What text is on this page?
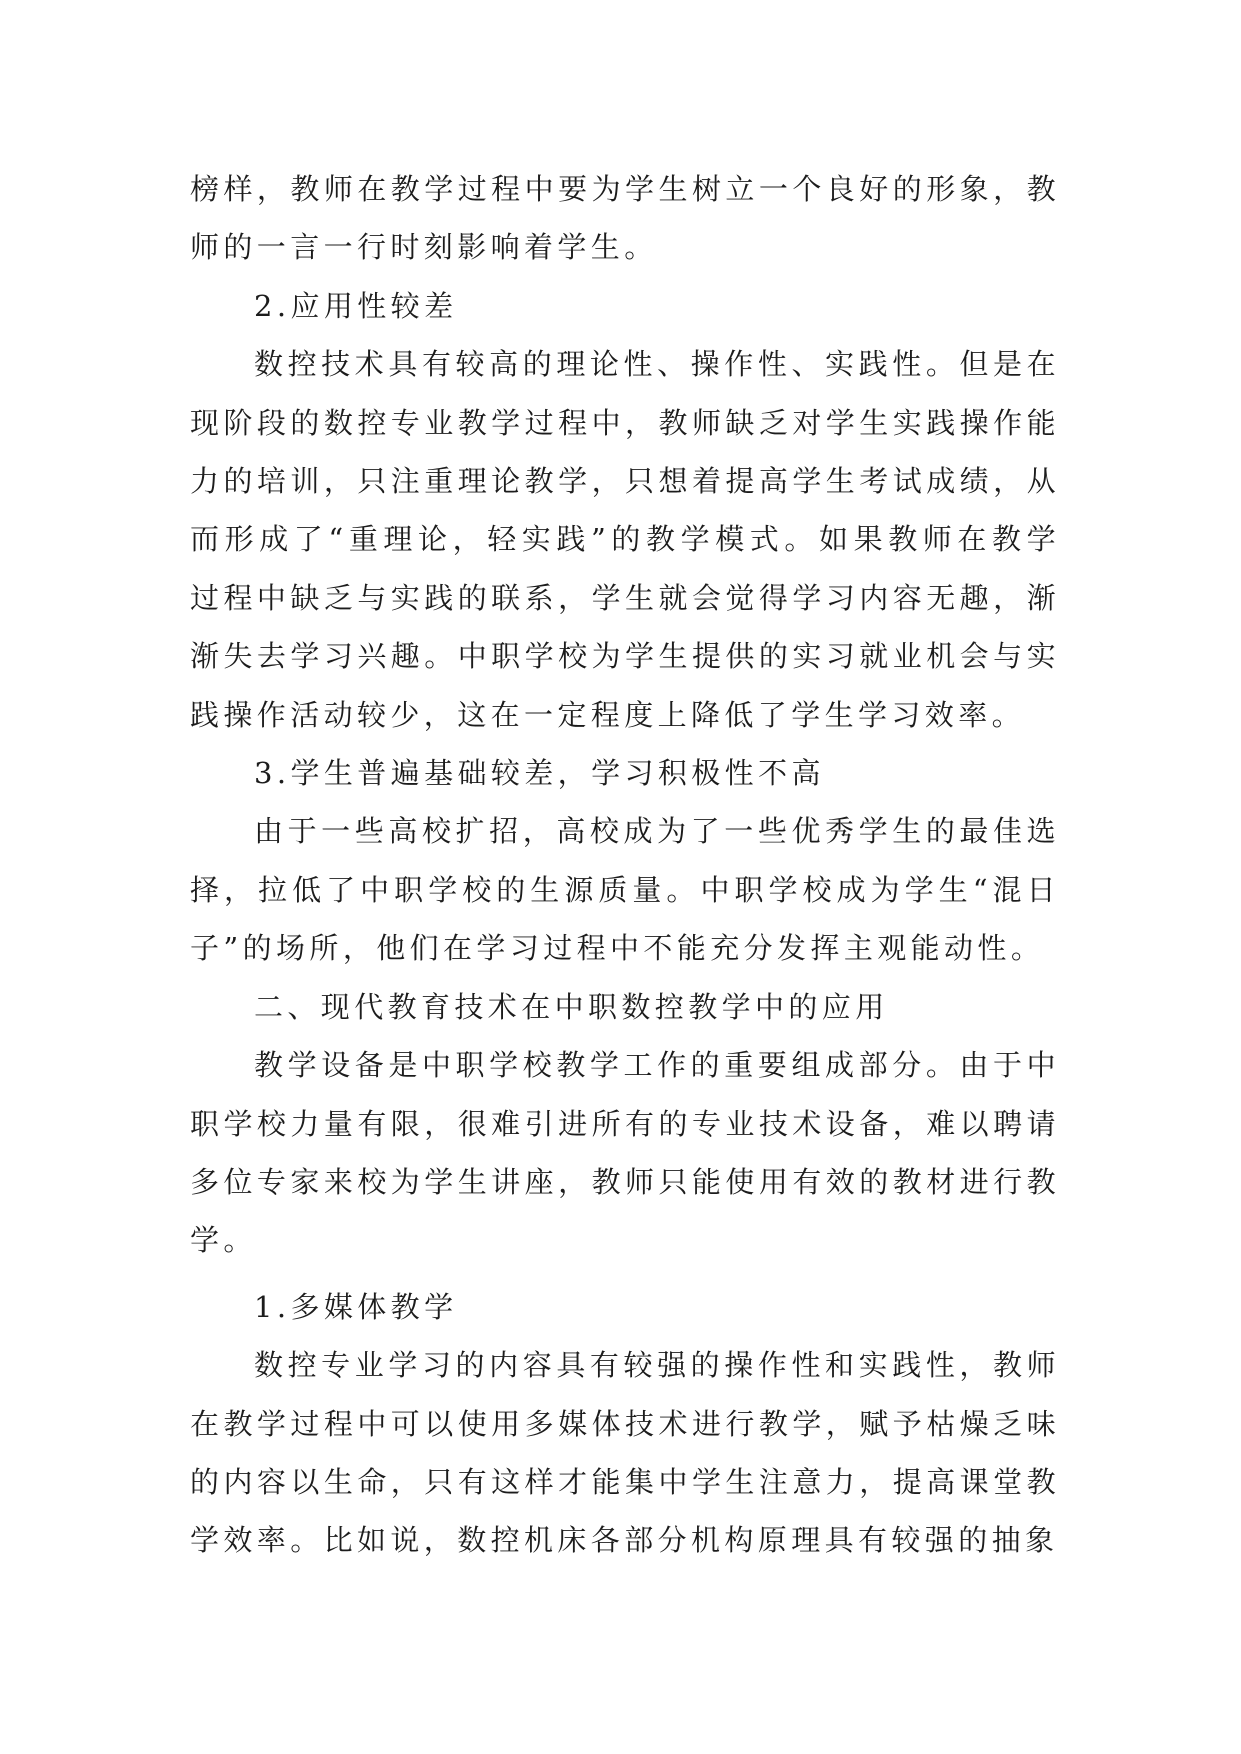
榜样，教师在教学过程中要为学生树立一个良好的形象，教师的一言一行时刻影响着学生。

2.应用性较差

数控技术具有较高的理论性、操作性、实践性。但是在现阶段的数控专业教学过程中，教师缺乏对学生实践操作能力的培训，只注重理论教学，只想着提高学生考试成绩，从而形成了“重理论，轻实践”的教学模式。如果教师在教学过程中缺乏与实践的联系，学生就会觉得学习内容无趣，渐渐失去学习兴趣。中职学校为学生提供的实习就业机会与实践操作活动较少，这在一定程度上降低了学生学习效率。

3.学生普遍基础较差，学习积极性不高

由于一些高校扩招，高校成为了一些优秀学生的最佳选择，拉低了中职学校的生源质量。中职学校成为学生“混日子”的场所，他们在学习过程中不能充分发挥主观能动性。

二、现代教育技术在中职数控教学中的应用

教学设备是中职学校教学工作的重要组成部分。由于中职学校力量有限，很难引进所有的专业技术设备，难以聘请多位专家来校为学生讲座，教师只能使用有效的教材进行教学。

1.多媒体教学

数控专业学习的内容具有较强的操作性和实践性，教师在教学过程中可以使用多媒体技术进行教学，赋予枯燥乏味的内容以生命，只有这样才能集中学生注意力，提高课堂教学效率。比如说，数控机床各部分机构原理具有较强的抽象
